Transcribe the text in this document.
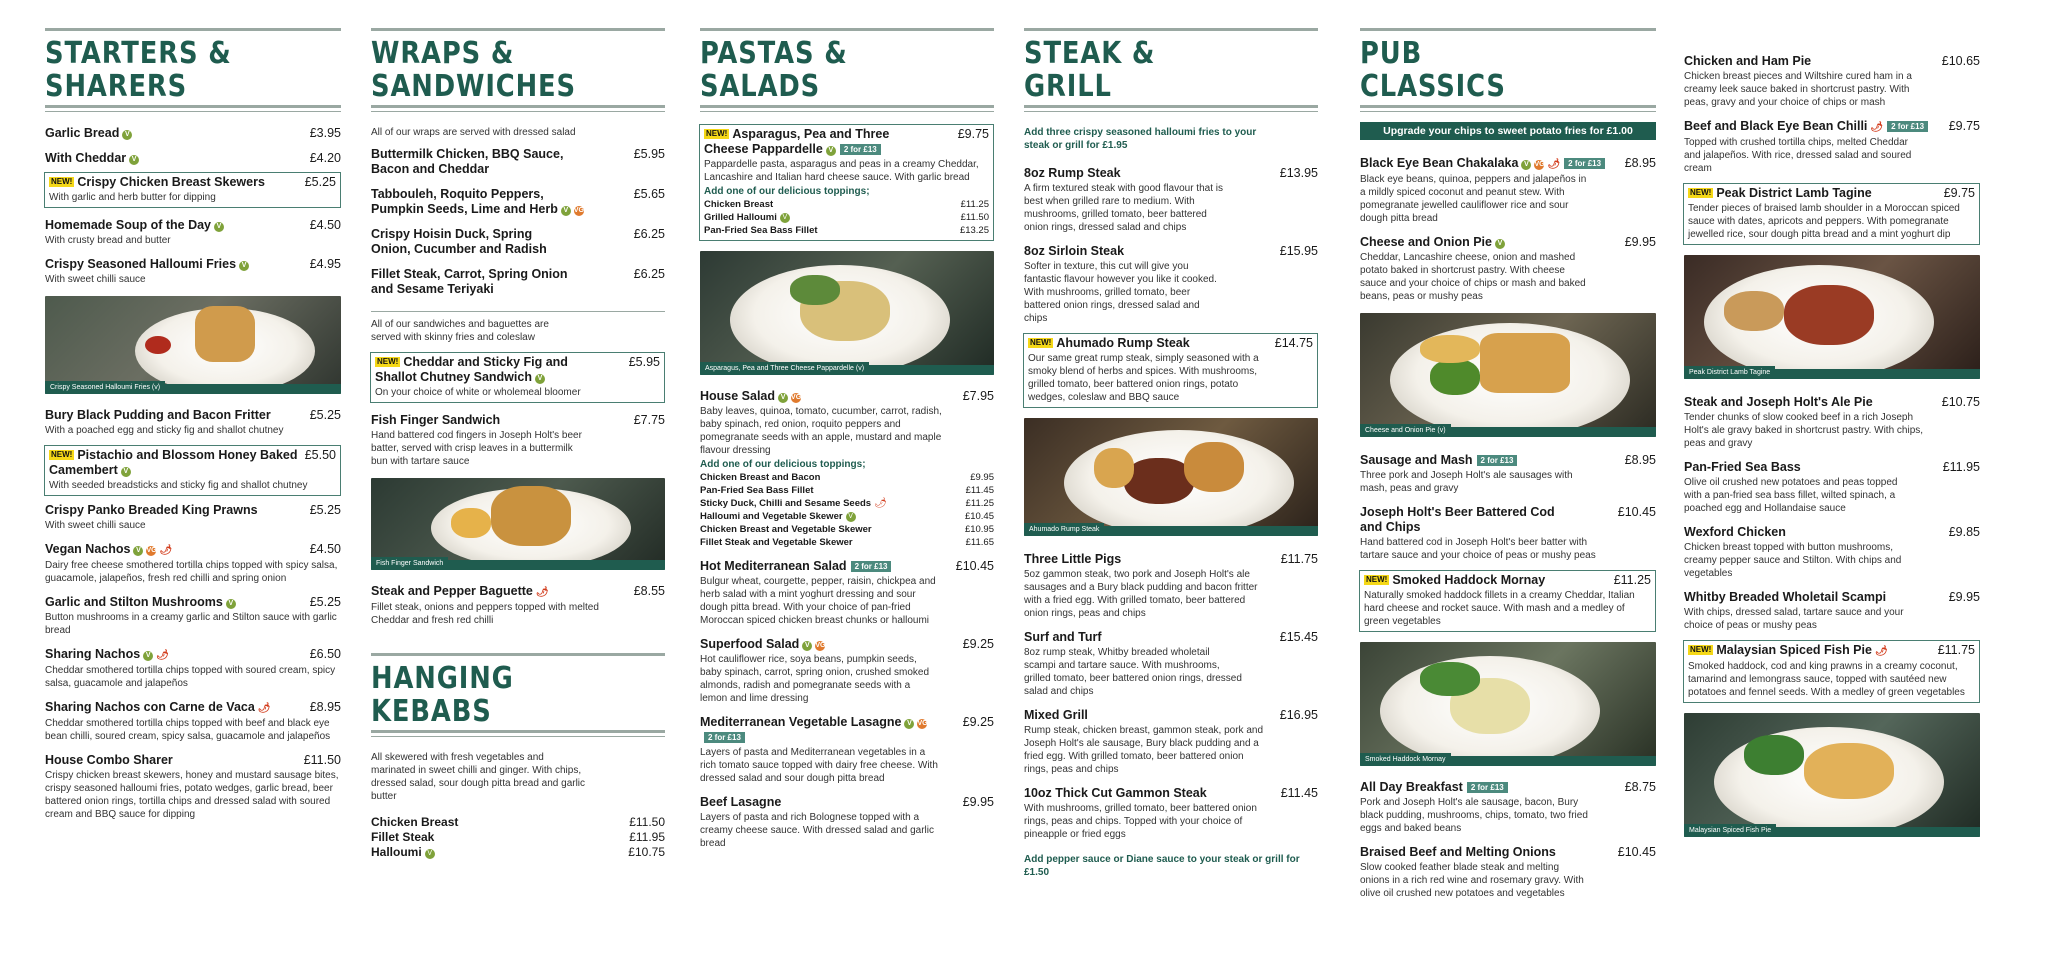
STARTERS &
SHARERS
Garlic Bread V	£3.95
With Cheddar V	£4.20
NEW! Crispy Chicken Breast Skewers	£5.25
With garlic and herb butter for dipping
Homemade Soup of the Day V	£4.50
With crusty bread and butter
Crispy Seasoned Halloumi Fries V	£4.95
With sweet chilli sauce
Crispy Seasoned Halloumi Fries (v)
Bury Black Pudding and Bacon Fritter	£5.25
With a poached egg and sticky fig and shallot chutney
NEW! Pistachio and Blossom Honey Baked Camembert V
£5.50
With seeded breadsticks and sticky fig and shallot chutney
Crispy Panko Breaded King Prawns	£5.25
With sweet chilli sauce
Vegan Nachos V VG 🌶	£4.50
Dairy free cheese smothered tortilla chips topped with spicy salsa, guacamole, jalapeños, fresh red chilli and spring onion
Garlic and Stilton Mushrooms V	£5.25
Button mushrooms in a creamy garlic and Stilton sauce with garlic bread
Sharing Nachos V 🌶	£6.50
Cheddar smothered tortilla chips topped with soured cream, spicy salsa, guacamole and jalapeños
Sharing Nachos con Carne de Vaca 🌶	£8.95
Cheddar smothered tortilla chips topped with beef and black eye bean chilli, soured cream, spicy salsa, guacamole and jalapeños
House Combo Sharer	£11.50
Crispy chicken breast skewers, honey and mustard sausage bites, crispy seasoned halloumi fries, potato wedges, garlic bread, beer battered onion rings, tortilla chips and dressed salad with soured cream and BBQ sauce for dipping
WRAPS &
SANDWICHES
All of our wraps are served with dressed salad
Buttermilk Chicken, BBQ Sauce, Bacon and Cheddar
£5.95
Tabbouleh, Roquito Peppers, Pumpkin Seeds, Lime and Herb V VG
£5.65
Crispy Hoisin Duck, Spring Onion, Cucumber and Radish
£6.25
Fillet Steak, Carrot, Spring Onion and Sesame Teriyaki
£6.25
All of our sandwiches and baguettes are served with skinny fries and coleslaw
NEW! Cheddar and Sticky Fig and Shallot Chutney Sandwich V
£5.95
On your choice of white or wholemeal bloomer
Fish Finger Sandwich	£7.75
Hand battered cod fingers in Joseph Holt's beer batter, served with crisp leaves in a buttermilk bun with tartare sauce
Fish Finger Sandwich
Steak and Pepper Baguette 🌶	£8.55
Fillet steak, onions and peppers topped with melted Cheddar and fresh red chilli
HANGING
KEBABS
All skewered with fresh vegetables and marinated in sweet chilli and ginger. With chips, dressed salad, sour dough pitta bread and garlic butter
Chicken Breast	£11.50
Fillet Steak	£11.95
Halloumi V	£10.75
PASTAS &
SALADS
NEW! Asparagus, Pea and Three Cheese Pappardelle V 2 for £13
£9.75
Pappardelle pasta, asparagus and peas in a creamy Cheddar, Lancashire and Italian hard cheese sauce. With garlic bread
Add one of our delicious toppings;
Chicken Breast	£11.25
Grilled Halloumi V	£11.50
Pan-Fried Sea Bass Fillet	£13.25
Asparagus, Pea and Three Cheese Pappardelle (v)
House Salad V VG	£7.95
Baby leaves, quinoa, tomato, cucumber, carrot, radish, baby spinach, red onion, roquito peppers and pomegranate seeds with an apple, mustard and maple flavour dressing
Add one of our delicious toppings;
Chicken Breast and Bacon	£9.95
Pan-Fried Sea Bass Fillet	£11.45
Sticky Duck, Chilli and Sesame Seeds 🌶	£11.25
Halloumi and Vegetable Skewer V	£10.45
Chicken Breast and Vegetable Skewer	£10.95
Fillet Steak and Vegetable Skewer	£11.65
Hot Mediterranean Salad 2 for £13	£10.45
Bulgur wheat, courgette, pepper, raisin, chickpea and herb salad with a mint yoghurt dressing and sour dough pitta bread. With your choice of pan-fried Moroccan spiced chicken breast chunks or halloumi
Superfood Salad V VG	£9.25
Hot cauliflower rice, soya beans, pumpkin seeds, baby spinach, carrot, spring onion, crushed smoked almonds, radish and pomegranate seeds with a lemon and lime dressing
Mediterranean Vegetable Lasagne V VG2 for £13
£9.25
Layers of pasta and Mediterranean vegetables in a rich tomato sauce topped with dairy free cheese. With dressed salad and sour dough pitta bread
Beef Lasagne	£9.95
Layers of pasta and rich Bolognese topped with a creamy cheese sauce. With dressed salad and garlic bread
STEAK &
GRILL
Add three crispy seasoned halloumi fries to your steak or grill for £1.95
8oz Rump Steak	£13.95
A firm textured steak with good flavour that is best when grilled rare to medium. With mushrooms, grilled tomato, beer battered onion rings, dressed salad and chips
8oz Sirloin Steak	£15.95
Softer in texture, this cut will give you fantastic flavour however you like it cooked. With mushrooms, grilled tomato, beer battered onion rings, dressed salad and chips
NEW! Ahumado Rump Steak	£14.75
Our same great rump steak, simply seasoned with a smoky blend of herbs and spices. With mushrooms, grilled tomato, beer battered onion rings, potato wedges, coleslaw and BBQ sauce
Ahumado Rump Steak
Three Little Pigs	£11.75
5oz gammon steak, two pork and Joseph Holt's ale sausages and a Bury black pudding and bacon fritter with a fried egg. With grilled tomato, beer battered onion rings, peas and chips
Surf and Turf	£15.45
8oz rump steak, Whitby breaded wholetail scampi and tartare sauce. With mushrooms, grilled tomato, beer battered onion rings, dressed salad and chips
Mixed Grill	£16.95
Rump steak, chicken breast, gammon steak, pork and Joseph Holt's ale sausage, Bury black pudding and a fried egg. With grilled tomato, beer battered onion rings, peas and chips
10oz Thick Cut Gammon Steak	£11.45
With mushrooms, grilled tomato, beer battered onion rings, peas and chips. Topped with your choice of pineapple or fried eggs
Add pepper sauce or Diane sauce to your steak or grill for £1.50
PUB
CLASSICS
Upgrade your chips to sweet potato fries for £1.00
Black Eye Bean Chakalaka V VG 🌶 2 for £13	£8.95
Black eye beans, quinoa, peppers and jalapeños in a mildly spiced coconut and peanut stew. With pomegranate jewelled cauliflower rice and sour dough pitta bread
Cheese and Onion Pie V	£9.95
Cheddar, Lancashire cheese, onion and mashed potato baked in shortcrust pastry. With cheese sauce and your choice of chips or mash and baked beans, peas or mushy peas
Cheese and Onion Pie (v)
Sausage and Mash 2 for £13	£8.95
Three pork and Joseph Holt's ale sausages with mash, peas and gravy
Joseph Holt's Beer Battered Cod and Chips
£10.45
Hand battered cod in Joseph Holt's beer batter with tartare sauce and your choice of peas or mushy peas
NEW! Smoked Haddock Mornay	£11.25
Naturally smoked haddock fillets in a creamy Cheddar, Italian hard cheese and rocket sauce. With mash and a medley of green vegetables
Smoked Haddock Mornay
All Day Breakfast 2 for £13	£8.75
Pork and Joseph Holt's ale sausage, bacon, Bury black pudding, mushrooms, chips, tomato, two fried eggs and baked beans
Braised Beef and Melting Onions	£10.45
Slow cooked feather blade steak and melting onions in a rich red wine and rosemary gravy. With olive oil crushed new potatoes and vegetables
Chicken and Ham Pie	£10.65
Chicken breast pieces and Wiltshire cured ham in a creamy leek sauce baked in shortcrust pastry. With peas, gravy and your choice of chips or mash
Beef and Black Eye Bean Chilli 🌶 2 for £13	£9.75
Topped with crushed tortilla chips, melted Cheddar and jalapeños. With rice, dressed salad and soured cream
NEW! Peak District Lamb Tagine	£9.75
Tender pieces of braised lamb shoulder in a Moroccan spiced sauce with dates, apricots and peppers. With pomegranate jewelled rice, sour dough pitta bread and a mint yoghurt dip
Peak District Lamb Tagine
Steak and Joseph Holt's Ale Pie	£10.75
Tender chunks of slow cooked beef in a rich Joseph Holt's ale gravy baked in shortcrust pastry. With chips, peas and gravy
Pan-Fried Sea Bass	£11.95
Olive oil crushed new potatoes and peas topped with a pan-fried sea bass fillet, wilted spinach, a poached egg and Hollandaise sauce
Wexford Chicken	£9.85
Chicken breast topped with button mushrooms, creamy pepper sauce and Stilton. With chips and vegetables
Whitby Breaded Wholetail Scampi	£9.95
With chips, dressed salad, tartare sauce and your choice of peas or mushy peas
NEW! Malaysian Spiced Fish Pie 🌶	£11.75
Smoked haddock, cod and king prawns in a creamy coconut, tamarind and lemongrass sauce, topped with sautéed new potatoes and fennel seeds. With a medley of green vegetables
Malaysian Spiced Fish Pie
